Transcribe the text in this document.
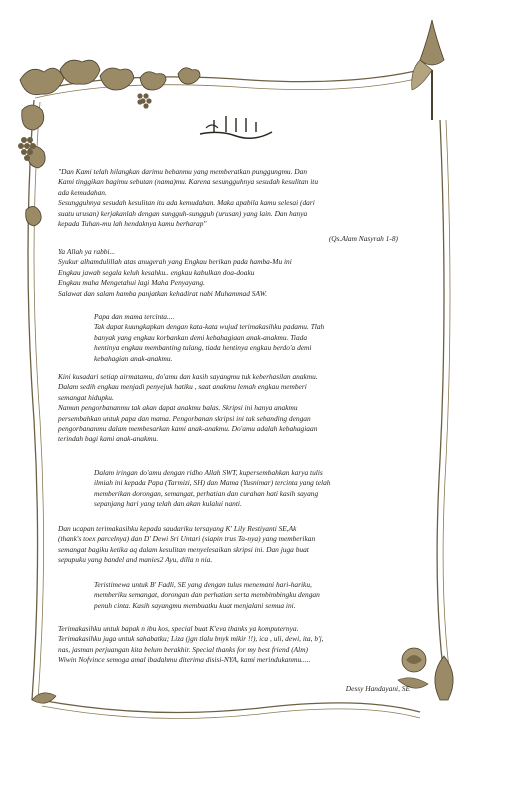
"Dan Kami telah hilangkan darimu bebanmu yang memberatkan punggungmu. Dan

Kami tinggikan bagimu sebutan (nama)mu. Karena sesungguhnya sesudah kesulitan itu

ada kemudahan.

Sesungguhnya sesudah kesulitan itu ada kemudahan. Maka apabila kamu selesai (dari

suatu urusan) kerjakanlah dengan sungguh-sungguh (urusan) yang lain. Dan hanya

kepada Tuhan-mu lah hendaknya kamu berharap"

(Qs.Alam Nasyrah 1-8)

Ya Allah ya rabbi...

Syukur alhamdulillah atas anugerah yang Engkau berikan pada hamba-Mu ini

Engkau jawab segala keluh kesahku.. engkau kabulkan doa-doaku

Engkau maha Mengetahui lagi Maha Penyayang.

Salawat dan salam hamba panjatkan kehadirat nabi Muhammad SAW.

Papa dan mama tercinta....

Tak dapat kuungkapkan dengan kata-kata wujud terimakasihku padamu. Tlah

banyak yang engkau korbankan demi kebahagiaan anak-anakmu. Tiada

hentinya engkau membanting tulang, tiada hentinya engkau berdo'a demi

kebahagian anak-anakmu.

Kini kusadari setiap airmatamu, do'amu dan kasih sayangmu tuk keberhasilan anakmu.

Dalam sedih engkau menjadi penyejuk hatiku , saat anakmu lemah engkau memberi

semangat hidupku.

Namun pengorbananmu tak akan dapat anakmu balas. Skripsi ini hanya anakmu

persembahkan untuk papa dan mama. Pengorbanan skripsi ini tak sebanding dengan

pengorbananmu dalam membesarkan kami anak-anakmu. Do'amu adalah kebahagiaan

terindah bagi kami anak-anakmu.

Dalam iringan do'amu dengan ridho Allah SWT, kupersembahkan karya tulis

ilmiah ini kepada Papa (Tarmizi, SH) dan Mama (Yusnimar) tercinta yang telah

memberikan dorongan, semangat, perhatian dan curahan hati kasih sayang

sepanjang hari yang telah dan akan kulalui nanti.

Dan ucapan terimakasihku kepada saudariku tersayang K' Lily Restiyanti SE,Ak

(thank's toex parcelnya) dan D' Dewi Sri Untari (siapin trus Ta-nya) yang memberikan

semangat bagiku ketika aq dalam kesulitan menyelesaikan skripsi ini. Dan juga buat

sepupuku yang bandel and manies2 Ayu, dilla n nia.

Teristimewa untuk B' Fadli, SE yang dengan tulus menemani hari-hariku,

memberiku semangat, dorongan dan perhatian serta membimbingku dengan

penuh cinta. Kasih sayangmu membuatku kuat menjalani semua ini.

Terimakasihku untuk bapak n ibu kos, special buat K'eva thanks ya komputernya.

Terimakasihku juga untuk sahabatku; Liza (jgn tlalu bnyk mikir !!), ica , uli, dewi, ita, b'j,

nas, jasman perjuangan kita belum berakhir. Special thanks for my best friend (Alm)

Wiwin Nofvince semoga amal ibadahmu diterima disisi-NYA, kami merindukanmu.....

Dessy Handayani, SE
